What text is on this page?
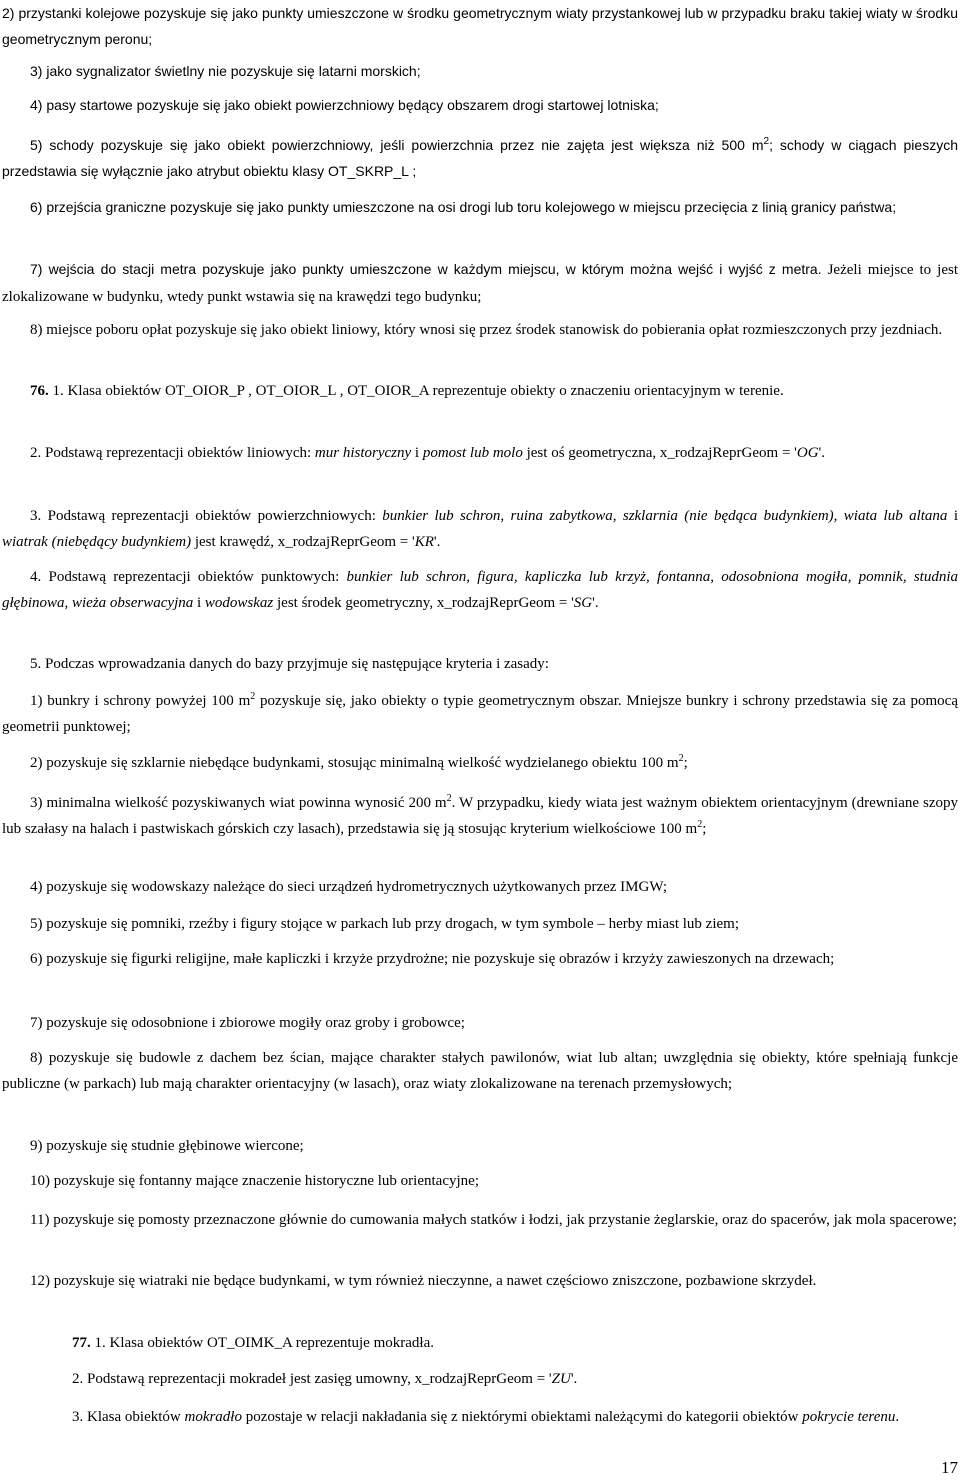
2) przystanki kolejowe pozyskuje się jako punkty umieszczone w środku geometrycznym wiaty przystankowej lub w przypadku braku takiej wiaty w środku geometrycznym peronu;

3) jako sygnalizator świetlny nie pozyskuje się latarni morskich;

4) pasy startowe pozyskuje się jako obiekt powierzchniowy będący obszarem drogi startowej lotniska;

5) schody pozyskuje się jako obiekt powierzchniowy, jeśli powierzchnia przez nie zajęta jest większa niż 500 $m^2$; schody w ciągach pieszych przedstawia się wyłącznie jako atrybut obiektu klasy OT_SKRP_L ;

6) przejścia graniczne pozyskuje się jako punkty umieszczone na osi drogi lub toru kolejowego w miejscu przecięcia z linią granicy państwa;

7) wejścia do stacji metra pozyskuje jako punkty umieszczone w każdym miejscu, w którym można wejść i wyjść z metra. Jeżeli miejsce to jest zlokalizowane w budynku, wtedy punkt wstawia się na krawędzi tego budynku;

8) miejsce poboru opłat pozyskuje się jako obiekt liniowy, który wnosi się przez środek stanowisk do pobierania opłat rozmieszczonych przy jezdniach.

76. 1. Klasa obiektów OT_OIOR_P , OT_OIOR_L , OT_OIOR_A reprezentuje obiekty o znaczeniu orientacyjnym w terenie.

2. Podstawą reprezentacji obiektów liniowych: mur historyczny i pomost lub molo jest oś geometryczna, x_rodzajReprGeom = 'OG'.

3. Podstawą reprezentacji obiektów powierzchniowych: bunkier lub schron, ruina zabytkowa, szklarnia (nie będąca budynkiem), wiata lub altana i wiatrak (niebędący budynkiem) jest krawędź, x_rodzajReprGeom = 'KR'.

4. Podstawą reprezentacji obiektów punktowych: bunkier lub schron, figura, kapliczka lub krzyż, fontanna, odosobniona mogiła, pomnik, studnia głębinowa, wieża obserwacyjna i wodowskaz jest środek geometryczny, x_rodzajReprGeom = 'SG'.

5. Podczas wprowadzania danych do bazy przyjmuje się następujące kryteria i zasady:

1) bunkry i schrony powyżej 100 $m^2$ pozyskuje się, jako obiekty o typie geometrycznym obszar. Mniejsze bunkry i schrony przedstawia się za pomocą geometrii punktowej;

2) pozyskuje się szklarnie niebędące budynkami, stosując minimalną wielkość wydzielanego obiektu 100 $m^2$;

3) minimalna wielkość pozyskiwanych wiat powinna wynosić 200 $m^2$. W przypadku, kiedy wiata jest ważnym obiektem orientacyjnym (drewniane szopy lub szałasy na halach i pastwiskach górskich czy lasach), przedstawia się ją stosując kryterium wielkościowe 100 $m^2$;

4) pozyskuje się wodowskazy należące do sieci urządzeń hydrometrycznych użytkowanych przez IMGW;

5) pozyskuje się pomniki, rzeźby i figury stojące w parkach lub przy drogach, w tym symbole – herby miast lub ziem;

6) pozyskuje się figurki religijne, małe kapliczki i krzyże przydrożne; nie pozyskuje się obrazów i krzyży zawieszonych na drzewach;

7) pozyskuje się odosobnione i zbiorowe mogiły oraz groby i grobowce;

8) pozyskuje się budowle z dachem bez ścian, mające charakter stałych pawilonów, wiat lub altan; uwzględnia się obiekty, które spełniają funkcje publiczne (w parkach) lub mają charakter orientacyjny (w lasach), oraz wiaty zlokalizowane na terenach przemysłowych;

9) pozyskuje się studnie głębinowe wiercone;

10) pozyskuje się fontanny mające znaczenie historyczne lub orientacyjne;

11) pozyskuje się pomosty przeznaczone głównie do cumowania małych statków i łodzi, jak przystanie żeglarskie, oraz do spacerów, jak mola spacerowe;

12) pozyskuje się wiatraki nie będące budynkami, w tym również nieczynne, a nawet częściowo zniszczone, pozbawione skrzydeł.

77. 1. Klasa obiektów OT_OIMK_A reprezentuje mokradła.

2. Podstawą reprezentacji mokradeł jest zasięg umowny, x_rodzajReprGeom = 'ZU'.

3. Klasa obiektów mokradło pozostaje w relacji nakładania się z niektórymi obiektami należącymi do kategorii obiektów pokrycie terenu.

17
